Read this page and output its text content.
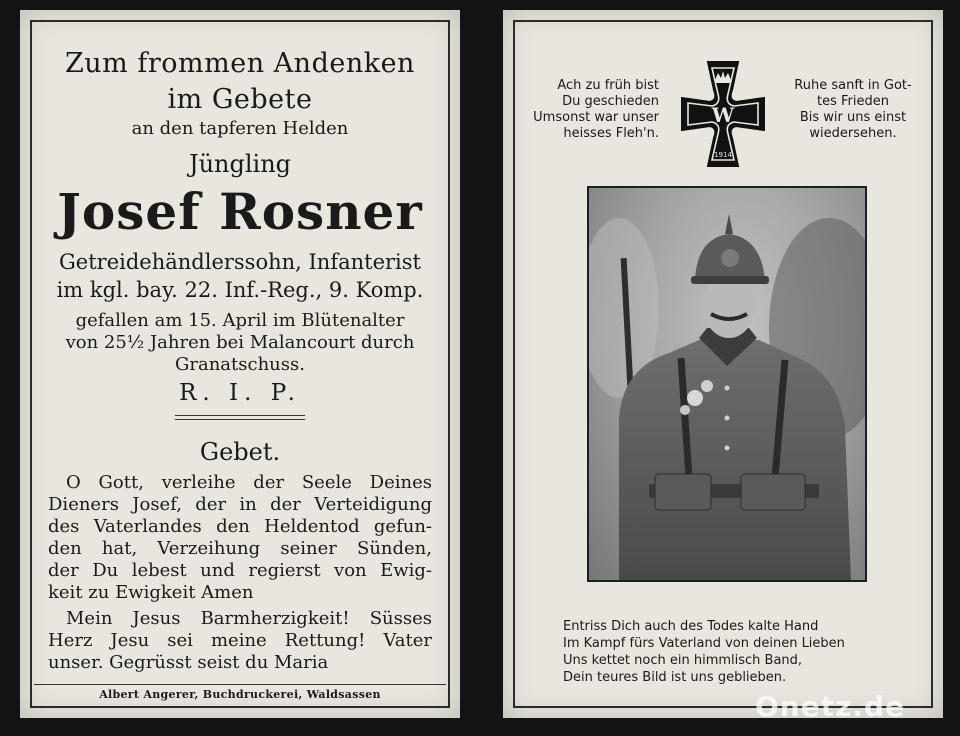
Zum frommen Andenken
im Gebete
an den tapferen Helden
Jüngling
Josef Rosner
Getreidehändlerssohn, Infanterist
im kgl. bay. 22. Inf.-Reg., 9. Komp.
gefallen am 15. April im Blütenalter
von 25½ Jahren bei Malancourt durch
Granatschuss.
R. I. P.
Gebet.
O Gott, verleihe der Seele Deines
Dieners Josef, der in der Verteidigung
des Vaterlandes den Heldentod gefun-
den hat, Verzeihung seiner Sünden,
der Du lebest und regierst von Ewig-
keit zu Ewigkeit Amen
Mein Jesus Barmherzigkeit! Süsses
Herz Jesu sei meine Rettung! Vater
unser. Gegrüsst seist du Maria
Albert Angerer, Buchdruckerei, Waldsassen
Ach zu früh bist
Du geschieden
Umsonst war unser
heisses Fleh'n.
W
1914
Ruhe sanft in Got-
tes Frieden
Bis wir uns einst
wiedersehen.
Entriss Dich auch des Todes kalte Hand
Im Kampf fürs Vaterland von deinen Lieben
Uns kettet noch ein himmlisch Band,
Dein teures Bild ist uns geblieben.
Onetz.de
